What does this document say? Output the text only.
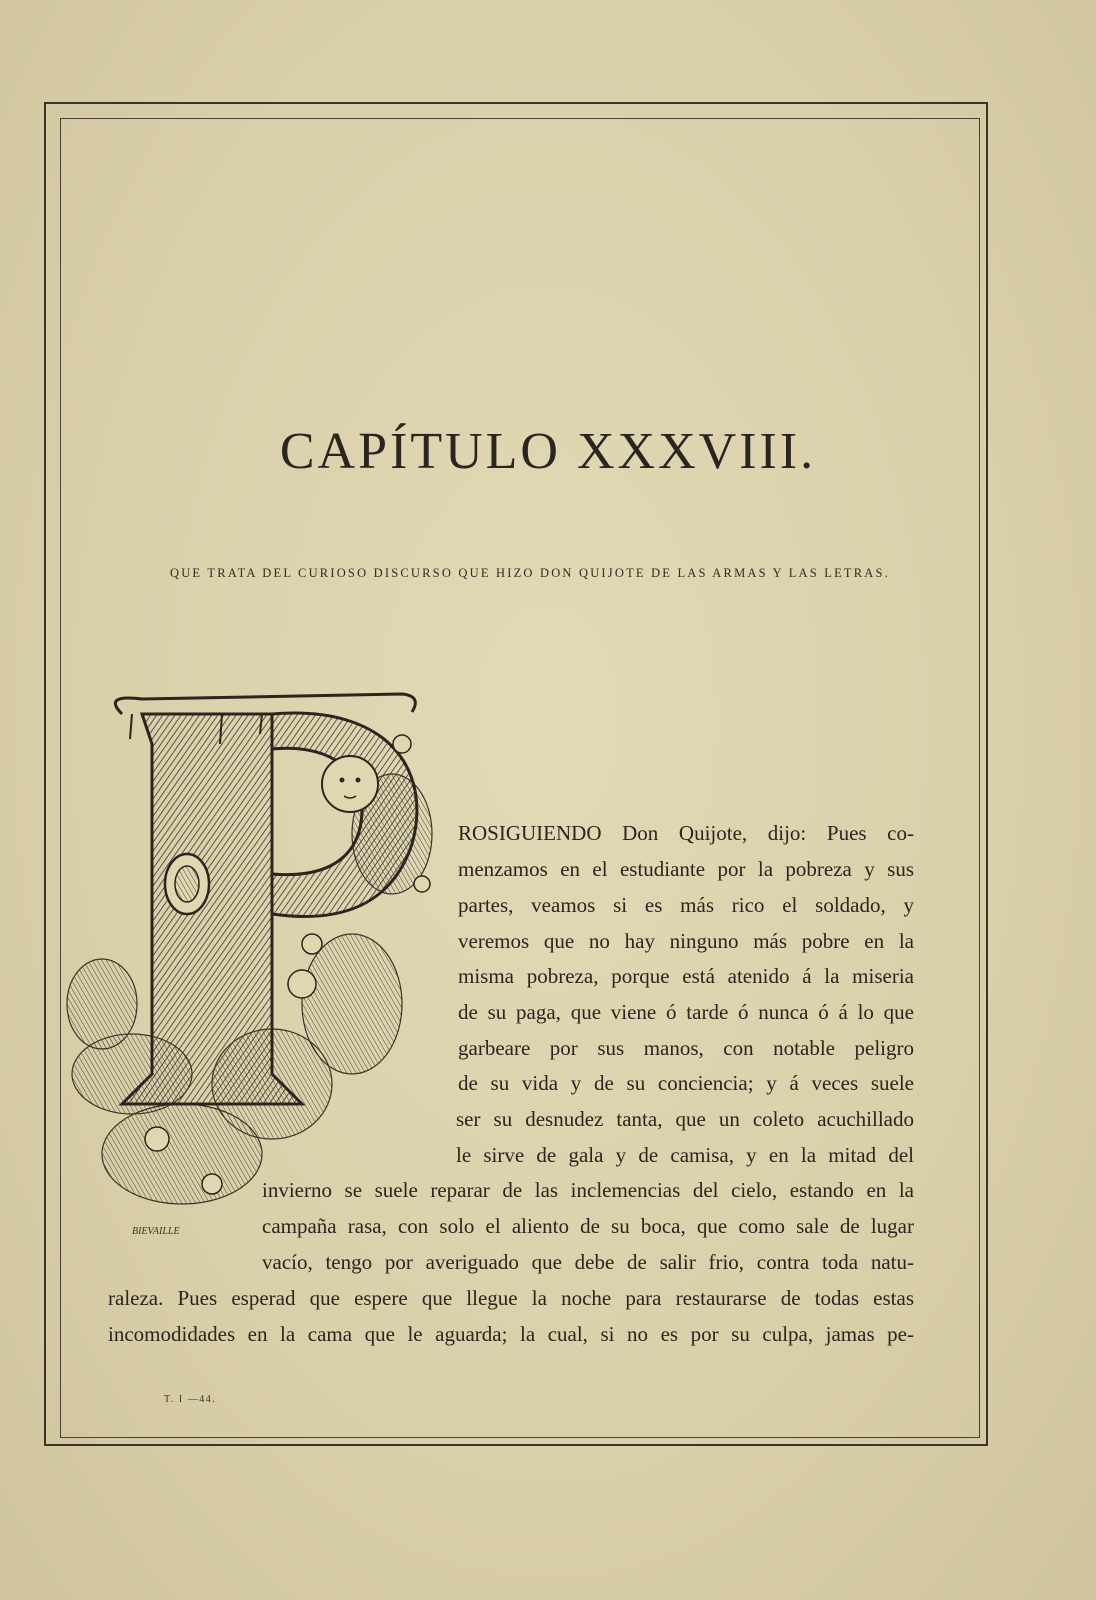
CAPÍTULO XXXVIII.

QUE TRATA DEL CURIOSO DISCURSO QUE HIZO DON QUIJOTE DE LAS ARMAS Y LAS LETRAS.

BIEVAILLE
ROSIGUIENDO Don Quijote, dijo: Pues co-
menzamos en el estudiante por la pobreza y sus
partes, veamos si es más rico el soldado, y
veremos que no hay ninguno más pobre en la
misma pobreza, porque está atenido á la miseria
de su paga, que viene ó tarde ó nunca ó á lo que
garbeare por sus manos, con notable peligro
de su vida y de su conciencia; y á veces suele
ser su desnudez tanta, que un coleto acuchillado
le sirve de gala y de camisa, y en la mitad del
invierno se suele reparar de las inclemencias del cielo, estando en la
campaña rasa, con solo el aliento de su boca, que como sale de lugar
vacío, tengo por averiguado que debe de salir frio, contra toda natu-
raleza. Pues esperad que espere que llegue la noche para restaurarse de todas estas
incomodidades en la cama que le aguarda; la cual, si no es por su culpa, jamas pe-
T. I —44.
